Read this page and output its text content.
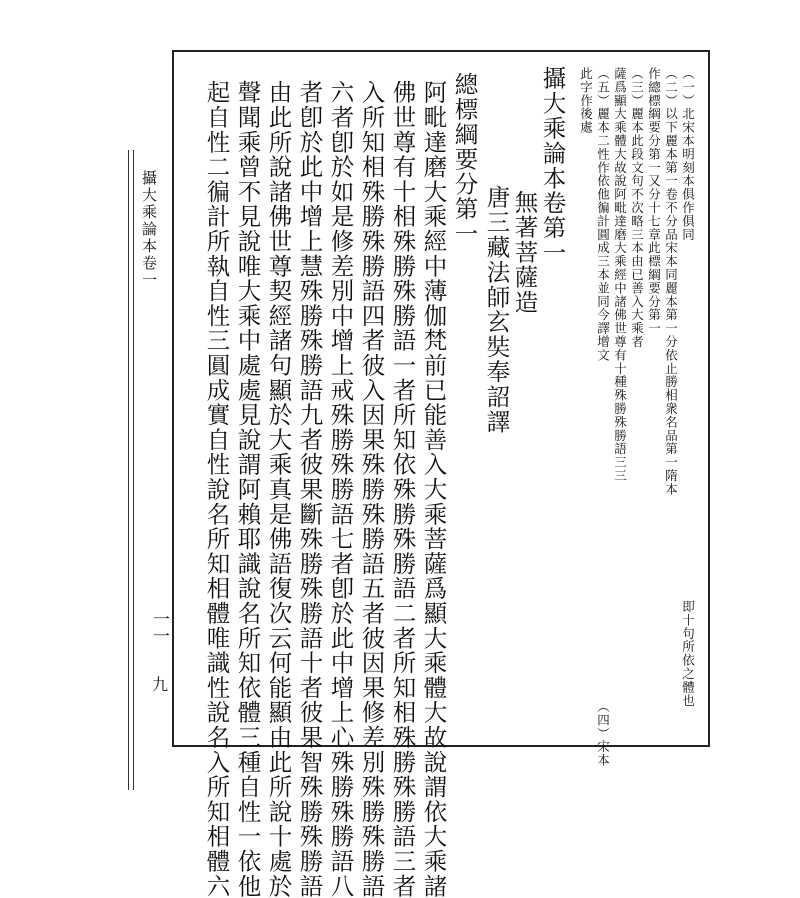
攝大乘論本卷一
一一
九
（一）北宋本明刻本俱作俱同
（二）以下麗本第一卷不分品宋本同麗本第一分依止勝相衆名品第一隋本
作總標綱要分第一又分十七章此標綱要分第一
（三）麗本此段文句不次略三本由已善入大乘者
薩爲顯大乘體大故說阿毗達磨大乘經中諸佛世尊有十種殊勝殊勝語三三
（五）麗本二性作依他徧計圓成三本並同今譯增文
此字作後處
攝大乘論本卷第一
無著菩薩造
唐三藏法師玄奘奉詔譯
總標綱要分第一
阿毗達磨大乘經中薄伽梵前已能善入大乘菩薩爲顯大乘體大故說謂依大乘諸
佛世尊有十相殊勝殊勝語一者所知依殊勝殊勝語二者所知相殊勝殊勝語三者
入所知相殊勝殊勝語四者彼入因果殊勝殊勝語五者彼因果修差別殊勝殊勝語
六者卽於如是修差別中增上戒殊勝殊勝語七者卽於此中增上心殊勝殊勝語八
者卽於此中增上慧殊勝殊勝語九者彼果斷殊勝殊勝語十者彼果智殊勝殊勝語
由此所說諸佛世尊契經諸句顯於大乘真是佛語復次云何能顯由此所說十處於
聲聞乘曾不見說唯大乘中處處見說謂阿賴耶識說名所知依體三種自性一依他
起自性二徧計所執自性三圓成實自性說名所知相體唯識性說名入所知相體六	即十句所依之體也
（四）宋本
